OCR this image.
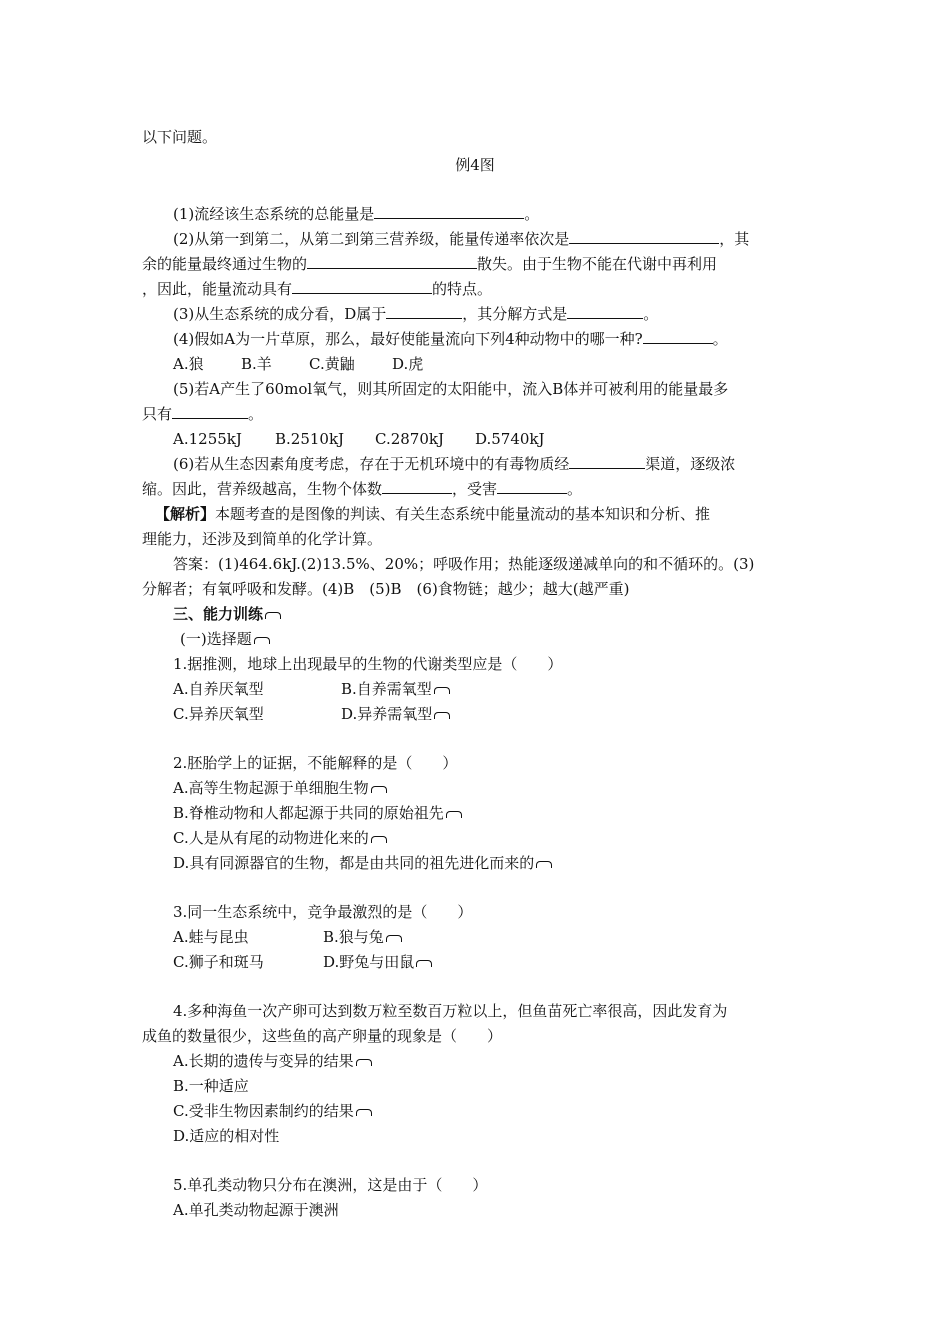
以下问题。
例4图
(1)流经该生态系统的总能量是	。
(2)从第一到第二，从第二到第三营养级，能量传递率依次是	，其
余的能量最终通过生物的	散失。由于生物不能在代谢中再利用
，因此，能量流动具有	的特点。
(3)从生态系统的成分看，D属于	，其分解方式是	。
(4)假如A为一片草原，那么，最好使能量流向下列4种动物中的哪一种?	。
A.狼 B.羊 C.黄鼬 D.虎
(5)若A产生了60mol氧气，则其所固定的太阳能中，流入B体并可被利用的能量最多
只有	。
A.1255kJ B.2510kJ C.2870kJ D.5740kJ
(6)若从生态因素角度考虑，存在于无机环境中的有毒物质经	渠道，逐级浓
缩。因此，营养级越高，生物个体数	，受害	。
【解析】本题考查的是图像的判读、有关生态系统中能量流动的基本知识和分析、推
理能力，还涉及到简单的化学计算。
答案：(1)464.6kJ.(2)13.5%、20%；呼吸作用；热能逐级递减单向的和不循环的。(3)
分解者；有氧呼吸和发酵。(4)B　(5)B　(6)食物链；越少；越大(越严重)
三、能力训练
(一)选择题
1.据推测，地球上出现最早的生物的代谢类型应是（　　）
A.自养厌氧型	B.自养需氧型
C.异养厌氧型	D.异养需氧型
2.胚胎学上的证据，不能解释的是（　　）
A.高等生物起源于单细胞生物
B.脊椎动物和人都起源于共同的原始祖先
C.人是从有尾的动物进化来的
D.具有同源器官的生物，都是由共同的祖先进化而来的
3.同一生态系统中，竞争最激烈的是（　　）
A.蛙与昆虫	B.狼与兔
C.狮子和斑马	D.野兔与田鼠
4.多种海鱼一次产卵可达到数万粒至数百万粒以上，但鱼苗死亡率很高，因此发育为
成鱼的数量很少，这些鱼的高产卵量的现象是（　　）
A.长期的遗传与变异的结果
B.一种适应
C.受非生物因素制约的结果
D.适应的相对性
5.单孔类动物只分布在澳洲，这是由于（　　）
A.单孔类动物起源于澳洲
